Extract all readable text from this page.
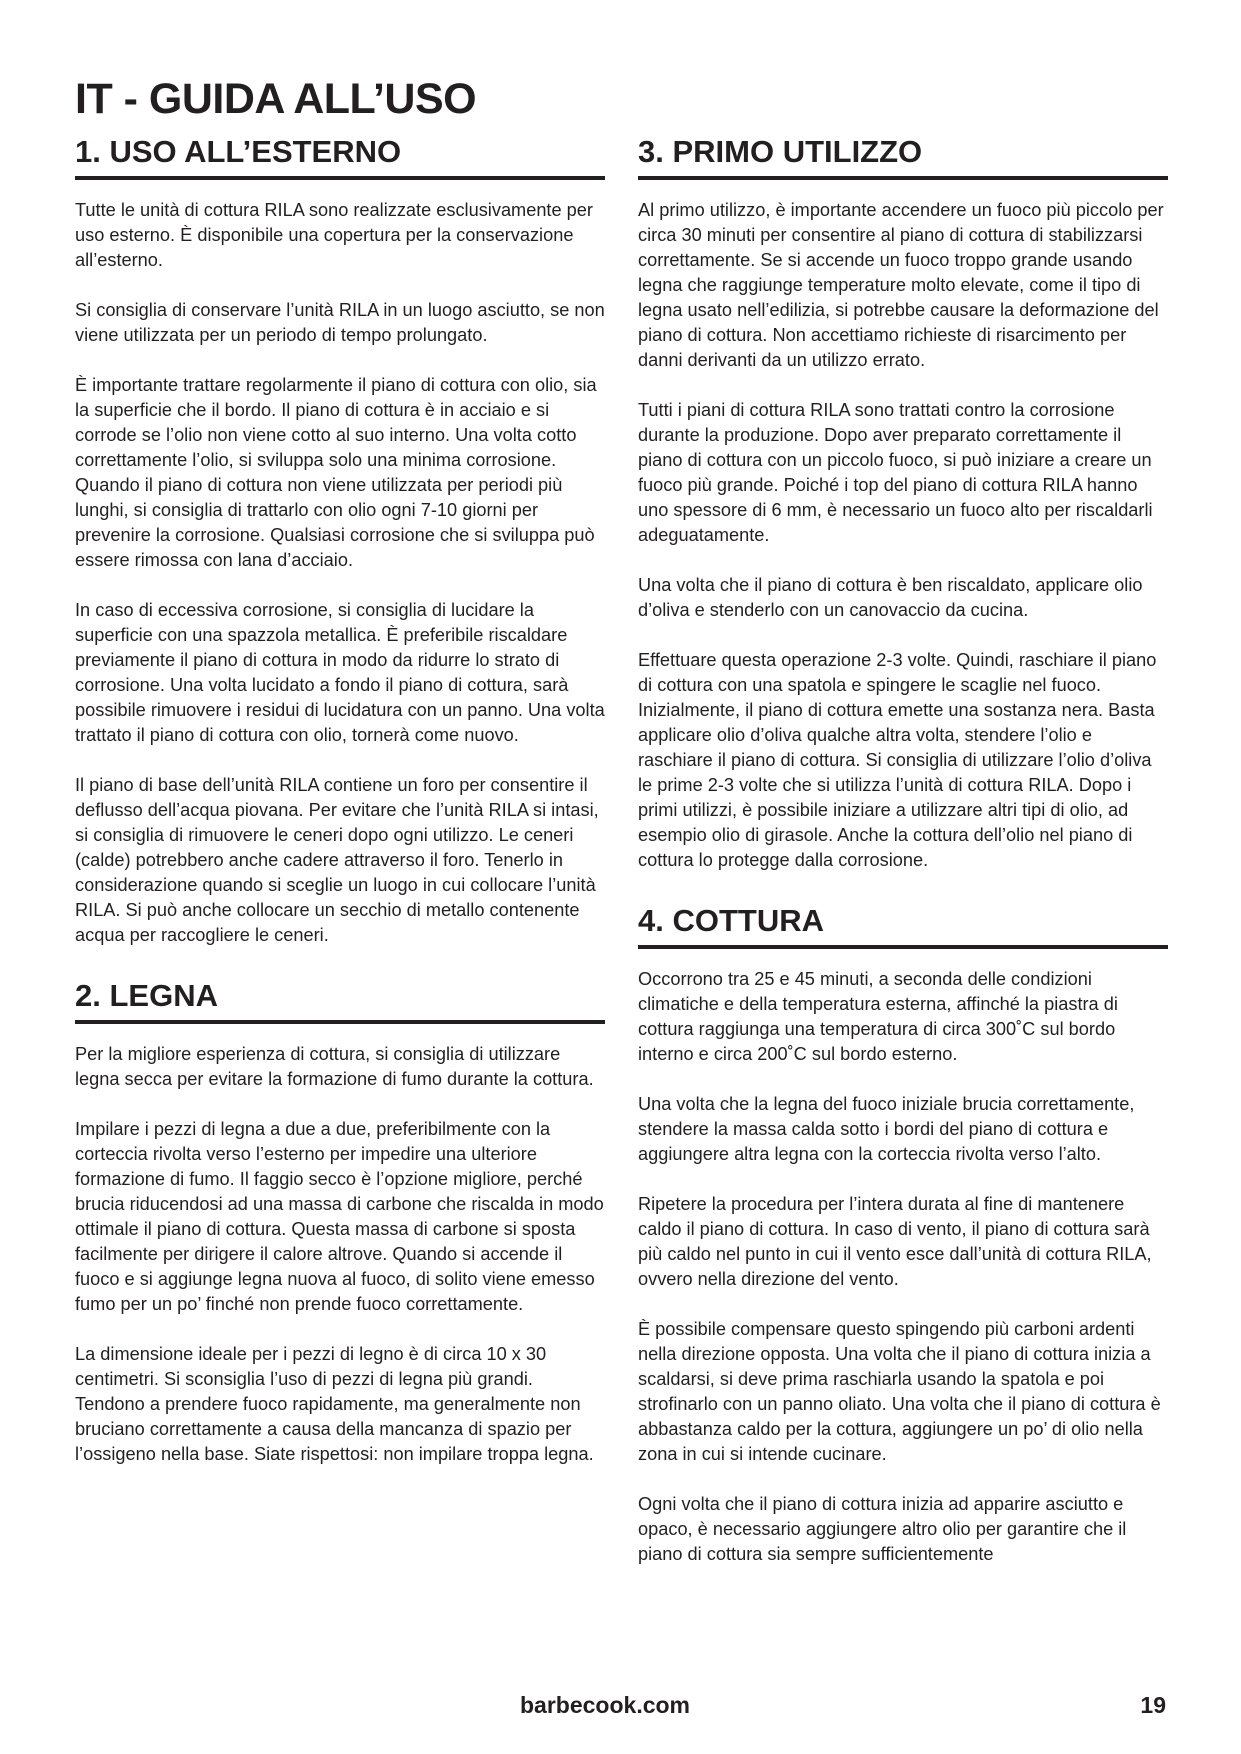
IT - GUIDA ALL’USO
1. USO ALL’ESTERNO

Tutte le unità di cottura RILA sono realizzate esclusivamente per uso esterno. È disponibile una copertura per la conservazione all’esterno.

Si consiglia di conservare l’unità RILA in un luogo asciutto, se non viene utilizzata per un periodo di tempo prolungato.

È importante trattare regolarmente il piano di cottura con olio, sia la superficie che il bordo. Il piano di cottura è in acciaio e si corrode se l’olio non viene cotto al suo interno. Una volta cotto correttamente l’olio, si sviluppa solo una minima corrosione. Quando il piano di cottura non viene utilizzata per periodi più lunghi, si consiglia di trattarlo con olio ogni 7-10 giorni per prevenire la corrosione. Qualsiasi corrosione che si sviluppa può essere rimossa con lana d’acciaio.

In caso di eccessiva corrosione, si consiglia di lucidare la superficie con una spazzola metallica. È preferibile riscaldare previamente il piano di cottura in modo da ridurre lo strato di corrosione. Una volta lucidato a fondo il piano di cottura, sarà possibile rimuovere i residui di lucidatura con un panno. Una volta trattato il piano di cottura con olio, tornerà come nuovo.

Il piano di base dell’unità RILA contiene un foro per consentire il deflusso dell’acqua piovana. Per evitare che l’unità RILA si intasi, si consiglia di rimuovere le ceneri dopo ogni utilizzo. Le ceneri (calde) potrebbero anche cadere attraverso il foro. Tenerlo in considerazione quando si sceglie un luogo in cui collocare l’unità RILA. Si può anche collocare un secchio di metallo contenente acqua per raccogliere le ceneri.

2. LEGNA

Per la migliore esperienza di cottura, si consiglia di utilizzare legna secca per evitare la formazione di fumo durante la cottura.

Impilare i pezzi di legna a due a due, preferibilmente con la corteccia rivolta verso l’esterno per impedire una ulteriore formazione di fumo. Il faggio secco è l’opzione migliore, perché brucia riducendosi ad una massa di carbone che riscalda in modo ottimale il piano di cottura. Questa massa di carbone si sposta facilmente per dirigere il calore altrove. Quando si accende il fuoco e si aggiunge legna nuova al fuoco, di solito viene emesso fumo per un po’ finché non prende fuoco correttamente.

La dimensione ideale per i pezzi di legno è di circa 10 x 30 centimetri. Si sconsiglia l’uso di pezzi di legna più grandi. Tendono a prendere fuoco rapidamente, ma generalmente non bruciano correttamente a causa della mancanza di spazio per l’ossigeno nella base. Siate rispettosi: non impilare troppa legna.

3. PRIMO UTILIZZO

Al primo utilizzo, è importante accendere un fuoco più piccolo per circa 30 minuti per consentire al piano di cottura di stabilizzarsi correttamente. Se si accende un fuoco troppo grande usando legna che raggiunge temperature molto elevate, come il tipo di legna usato nell’edilizia, si potrebbe causare la deformazione del piano di cottura. Non accettiamo richieste di risarcimento per danni derivanti da un utilizzo errato.

Tutti i piani di cottura RILA sono trattati contro la corrosione durante la produzione. Dopo aver preparato correttamente il piano di cottura con un piccolo fuoco, si può iniziare a creare un fuoco più grande. Poiché i top del piano di cottura RILA hanno uno spessore di 6 mm, è necessario un fuoco alto per riscaldarli adeguatamente.

Una volta che il piano di cottura è ben riscaldato, applicare olio d’oliva e stenderlo con un canovaccio da cucina.

Effettuare questa operazione 2-3 volte. Quindi, raschiare il piano di cottura con una spatola e spingere le scaglie nel fuoco. Inizialmente, il piano di cottura emette una sostanza nera. Basta applicare olio d’oliva qualche altra volta, stendere l’olio e raschiare il piano di cottura. Si consiglia di utilizzare l’olio d’oliva le prime 2-3 volte che si utilizza l’unità di cottura RILA. Dopo i primi utilizzi, è possibile iniziare a utilizzare altri tipi di olio, ad esempio olio di girasole. Anche la cottura dell’olio nel piano di cottura lo protegge dalla corrosione.

4. COTTURA

Occorrono tra 25 e 45 minuti, a seconda delle condizioni climatiche e della temperatura esterna, affinché la piastra di cottura raggiunga una temperatura di circa 300˚C sul bordo interno e circa 200˚C sul bordo esterno.

Una volta che la legna del fuoco iniziale brucia correttamente, stendere la massa calda sotto i bordi del piano di cottura e aggiungere altra legna con la corteccia rivolta verso l’alto.

Ripetere la procedura per l’intera durata al fine di mantenere caldo il piano di cottura. In caso di vento, il piano di cottura sarà più caldo nel punto in cui il vento esce dall’unità di cottura RILA, ovvero nella direzione del vento.

È possibile compensare questo spingendo più carboni ardenti nella direzione opposta. Una volta che il piano di cottura inizia a scaldarsi, si deve prima raschiarla usando la spatola e poi strofinarlo con un panno oliato. Una volta che il piano di cottura è abbastanza caldo per la cottura, aggiungere un po’ di olio nella zona in cui si intende cucinare.

Ogni volta che il piano di cottura inizia ad apparire asciutto e opaco, è necessario aggiungere altro olio per garantire che il piano di cottura sia sempre sufficientemente

barbecook.com	19
